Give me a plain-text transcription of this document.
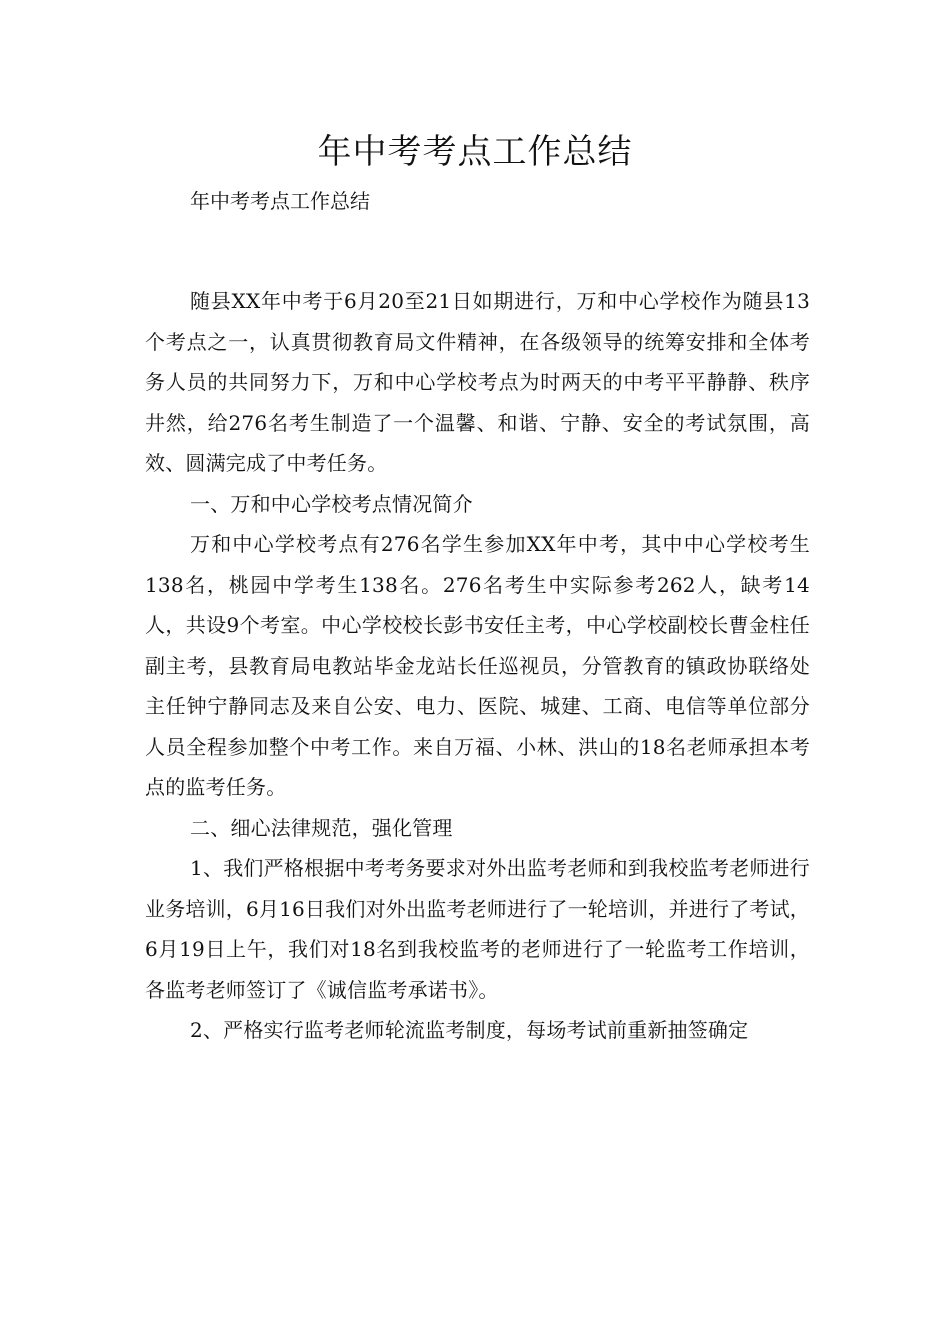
年中考考点工作总结

年中考考点工作总结

随县XX年中考于6月20至21日如期进行，万和中心学校作为随县13个考点之一，认真贯彻教育局文件精神，在各级领导的统筹安排和全体考务人员的共同努力下，万和中心学校考点为时两天的中考平平静静、秩序井然，给276名考生制造了一个温馨、和谐、宁静、安全的考试氛围，高效、圆满完成了中考任务。

一、万和中心学校考点情况简介

万和中心学校考点有276名学生参加XX年中考，其中中心学校考生138名，桃园中学考生138名。276名考生中实际参考262人，缺考14人，共设9个考室。中心学校校长彭书安任主考，中心学校副校长曹金柱任副主考，县教育局电教站毕金龙站长任巡视员，分管教育的镇政协联络处主任钟宁静同志及来自公安、电力、医院、城建、工商、电信等单位部分人员全程参加整个中考工作。来自万福、小林、洪山的18名老师承担本考点的监考任务。

二、细心法律规范，强化管理

1、我们严格根据中考考务要求对外出监考老师和到我校监考老师进行业务培训，6月16日我们对外出监考老师进行了一轮培训，并进行了考试，6月19日上午，我们对18名到我校监考的老师进行了一轮监考工作培训，各监考老师签订了《诚信监考承诺书》。

2、严格实行监考老师轮流监考制度，每场考试前重新抽签确定
